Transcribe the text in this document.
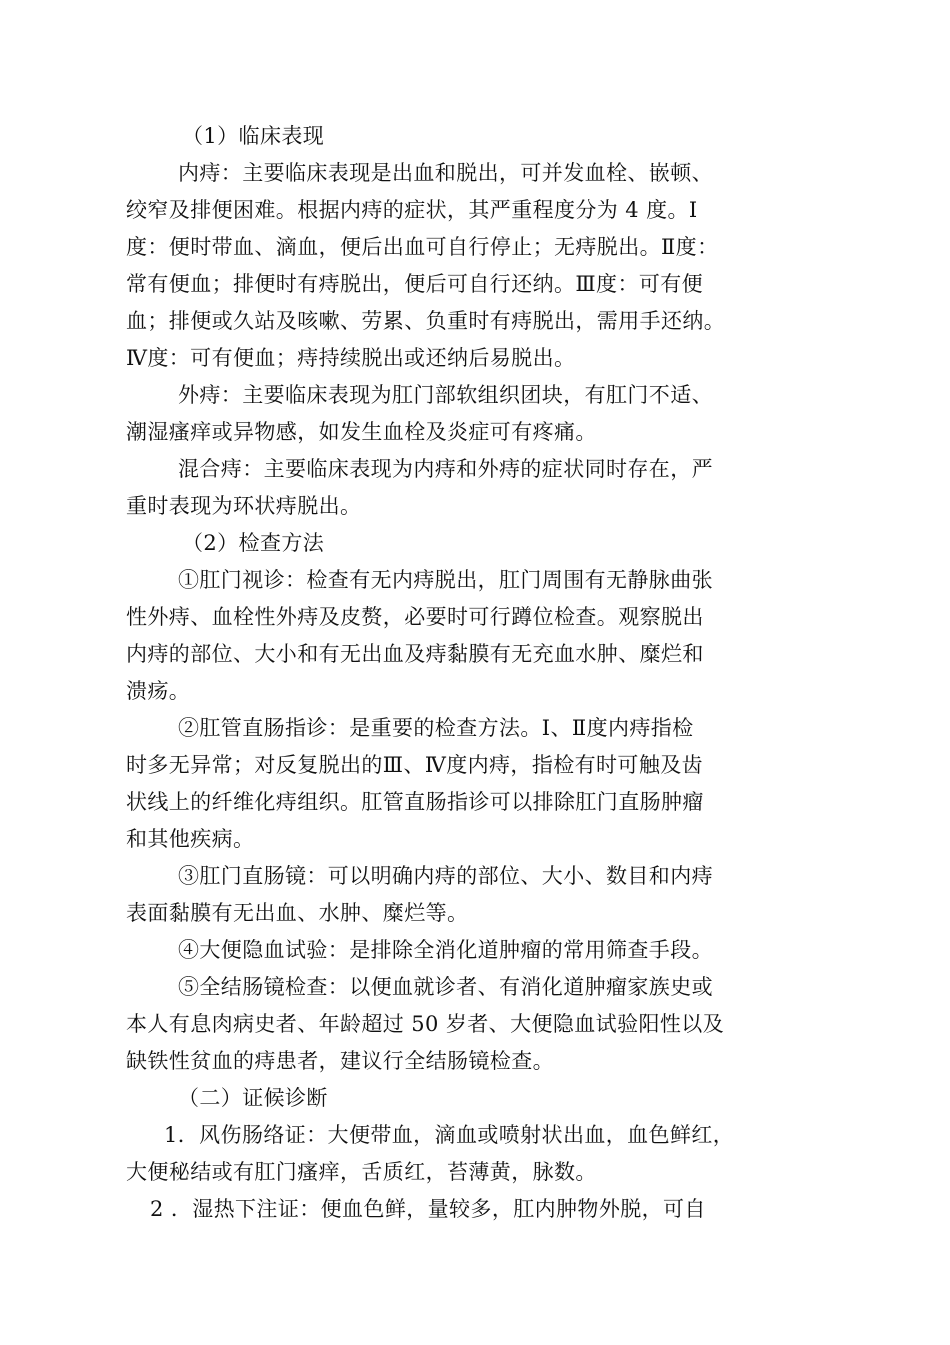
（1）临床表现
内痔：主要临床表现是出血和脱出，可并发血栓、嵌顿、
绞窄及排便困难。根据内痔的症状，其严重程度分为 4 度。Ⅰ
度：便时带血、滴血，便后出血可自行停止；无痔脱出。Ⅱ度：
常有便血；排便时有痔脱出，便后可自行还纳。Ⅲ度：可有便
血；排便或久站及咳嗽、劳累、负重时有痔脱出，需用手还纳。
Ⅳ度：可有便血；痔持续脱出或还纳后易脱出。
外痔：主要临床表现为肛门部软组织团块，有肛门不适、
潮湿瘙痒或异物感，如发生血栓及炎症可有疼痛。
混合痔：主要临床表现为内痔和外痔的症状同时存在，严
重时表现为环状痔脱出。
（2）检查方法
①肛门视诊：检查有无内痔脱出，肛门周围有无静脉曲张
性外痔、血栓性外痔及皮赘，必要时可行蹲位检查。观察脱出
内痔的部位、大小和有无出血及痔黏膜有无充血水肿、糜烂和
溃疡。
②肛管直肠指诊：是重要的检查方法。Ⅰ、Ⅱ度内痔指检
时多无异常；对反复脱出的Ⅲ、Ⅳ度内痔，指检有时可触及齿
状线上的纤维化痔组织。肛管直肠指诊可以排除肛门直肠肿瘤
和其他疾病。
③肛门直肠镜：可以明确内痔的部位、大小、数目和内痔
表面黏膜有无出血、水肿、糜烂等。
④大便隐血试验：是排除全消化道肿瘤的常用筛查手段。
⑤全结肠镜检查：以便血就诊者、有消化道肿瘤家族史或
本人有息肉病史者、年龄超过 50 岁者、大便隐血试验阳性以及
缺铁性贫血的痔患者，建议行全结肠镜检查。
（二）证候诊断
1．风伤肠络证：大便带血，滴血或喷射状出血，血色鲜红，
大便秘结或有肛门瘙痒，舌质红，苔薄黄，脉数。
2 ．湿热下注证：便血色鲜，量较多，肛内肿物外脱，可自
